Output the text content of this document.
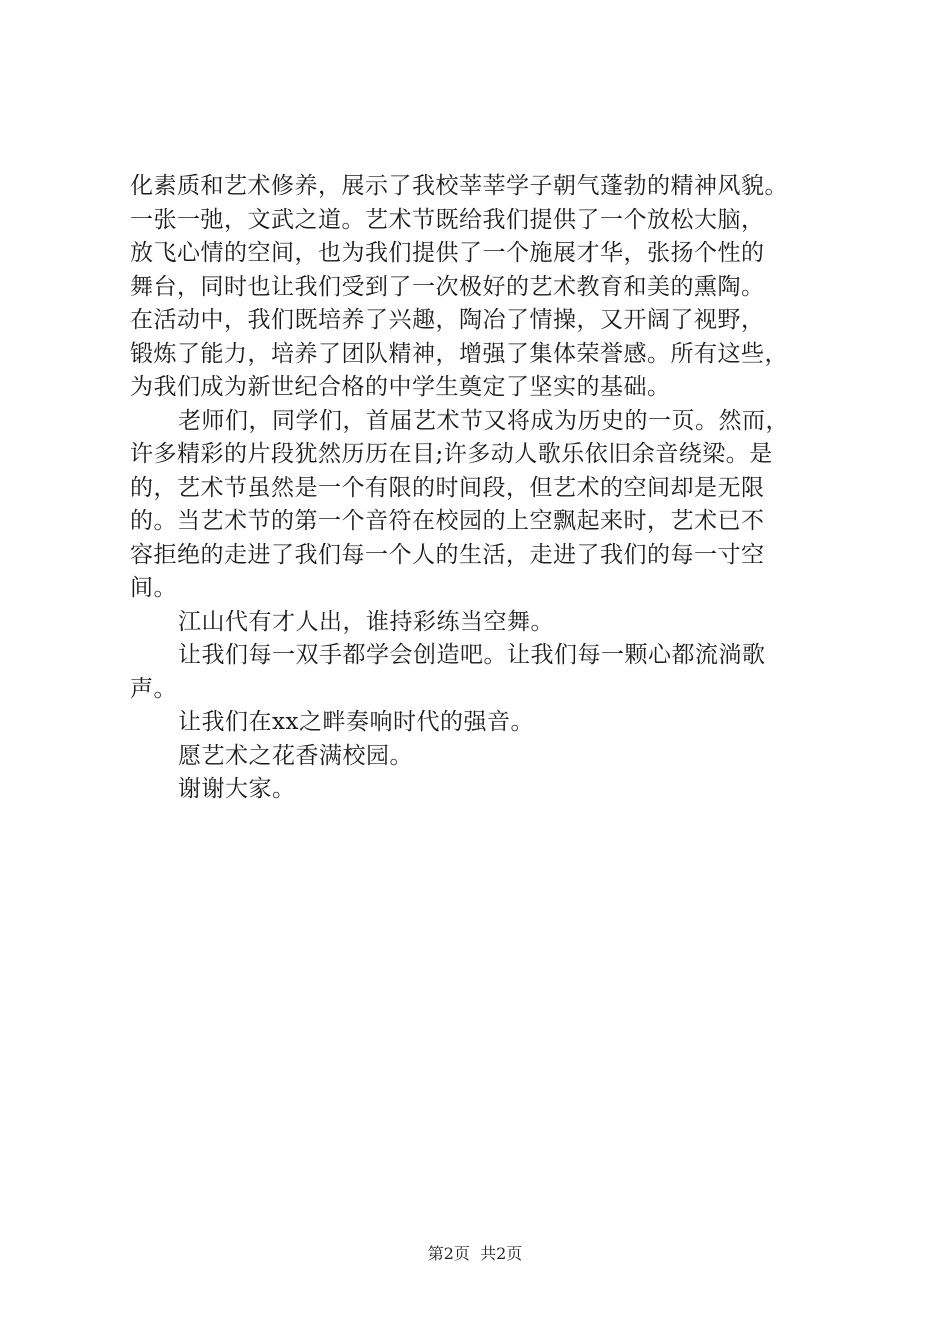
化素质和艺术修养，展示了我校莘莘学子朝气蓬勃的精神风貌。
一张一弛，文武之道。艺术节既给我们提供了一个放松大脑，
放飞心情的空间，也为我们提供了一个施展才华，张扬个性的
舞台，同时也让我们受到了一次极好的艺术教育和美的熏陶。
在活动中，我们既培养了兴趣，陶冶了情操，又开阔了视野，
锻炼了能力，培养了团队精神，增强了集体荣誉感。所有这些，
为我们成为新世纪合格的中学生奠定了坚实的基础。
老师们，同学们，首届艺术节又将成为历史的一页。然而，
许多精彩的片段犹然历历在目;许多动人歌乐依旧余音绕梁。是
的，艺术节虽然是一个有限的时间段，但艺术的空间却是无限
的。当艺术节的第一个音符在校园的上空飘起来时，艺术已不
容拒绝的走进了我们每一个人的生活，走进了我们的每一寸空
间。
江山代有才人出，谁持彩练当空舞。
让我们每一双手都学会创造吧。让我们每一颗心都流淌歌
声。
让我们在xx之畔奏响时代的强音。
愿艺术之花香满校园。
谢谢大家。
第2页  共2页
